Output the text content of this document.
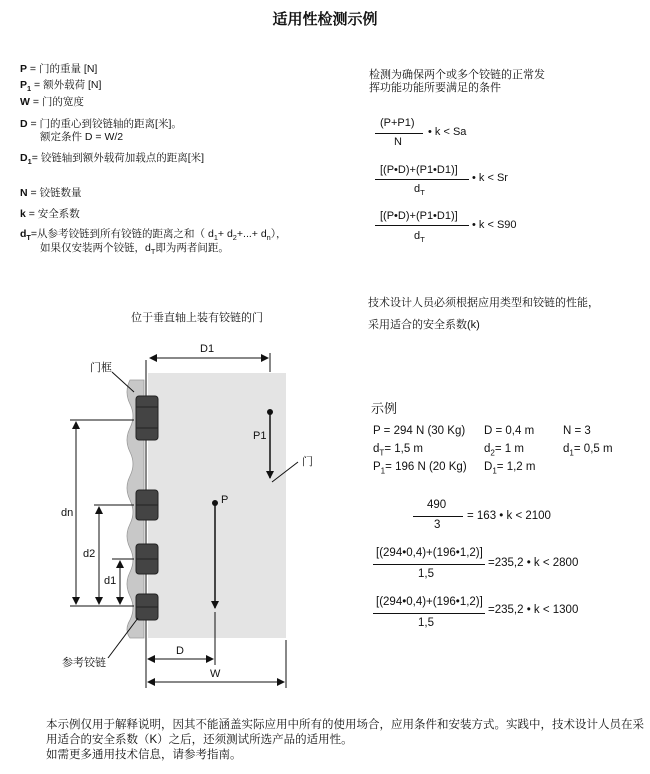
适用性检测示例
P = 门的重量 [N]
$P_1$ = 额外载荷 [N]
W = 门的宽度
D = 门的重心到铰链轴的距离[米]。
额定条件 D = W/2
$D_1=$ 铰链轴到额外载荷加载点的距离[米]
N = 铰链数量
k = 安全系数
$d_T=$从参考铰链到所有铰链的距离之和（ $d_1+ d_2+...+ d_n$），
如果仅安装两个铰链，$d_T$即为两者间距。
检测为确保两个或多个铰链的正常发
挥功能功能所要满足的条件
(P+P1)
N
• k < Sa
[(P•D)+(P1•D1)]
$d_T$
• k < Sr
[(P•D)+(P1•D1)]
$d_T$
• k < S90
技术设计人员必须根据应用类型和铰链的性能，
采用适合的安全系数(k)
位于垂直轴上装有铰链的门
门框
门
参考铰链
D1
P1
P
dn
d2
d1
D
W
示例
P = 294 N (30 Kg) D = 0,4 m	N = 3
$d_T= 1,5$ m	$d_2= 1$ m	$d_1= 0,5$ m
$P_1= 196$ N (20 Kg) $D_1= 1,2$ m
490
3
= 163 • k < 2100
[(294•0,4)+(196•1,2)]
1,5
=235,2 • k < 2800
[(294•0,4)+(196•1,2)]
1,5
=235,2 • k < 1300
本示例仅用于解释说明，因其不能涵盖实际应用中所有的使用场合，应用条件和安装方式。实践中，技术设计人员在采
用适合的安全系数（K）之后，还须测试所选产品的适用性。
如需更多通用技术信息，请参考指南。
